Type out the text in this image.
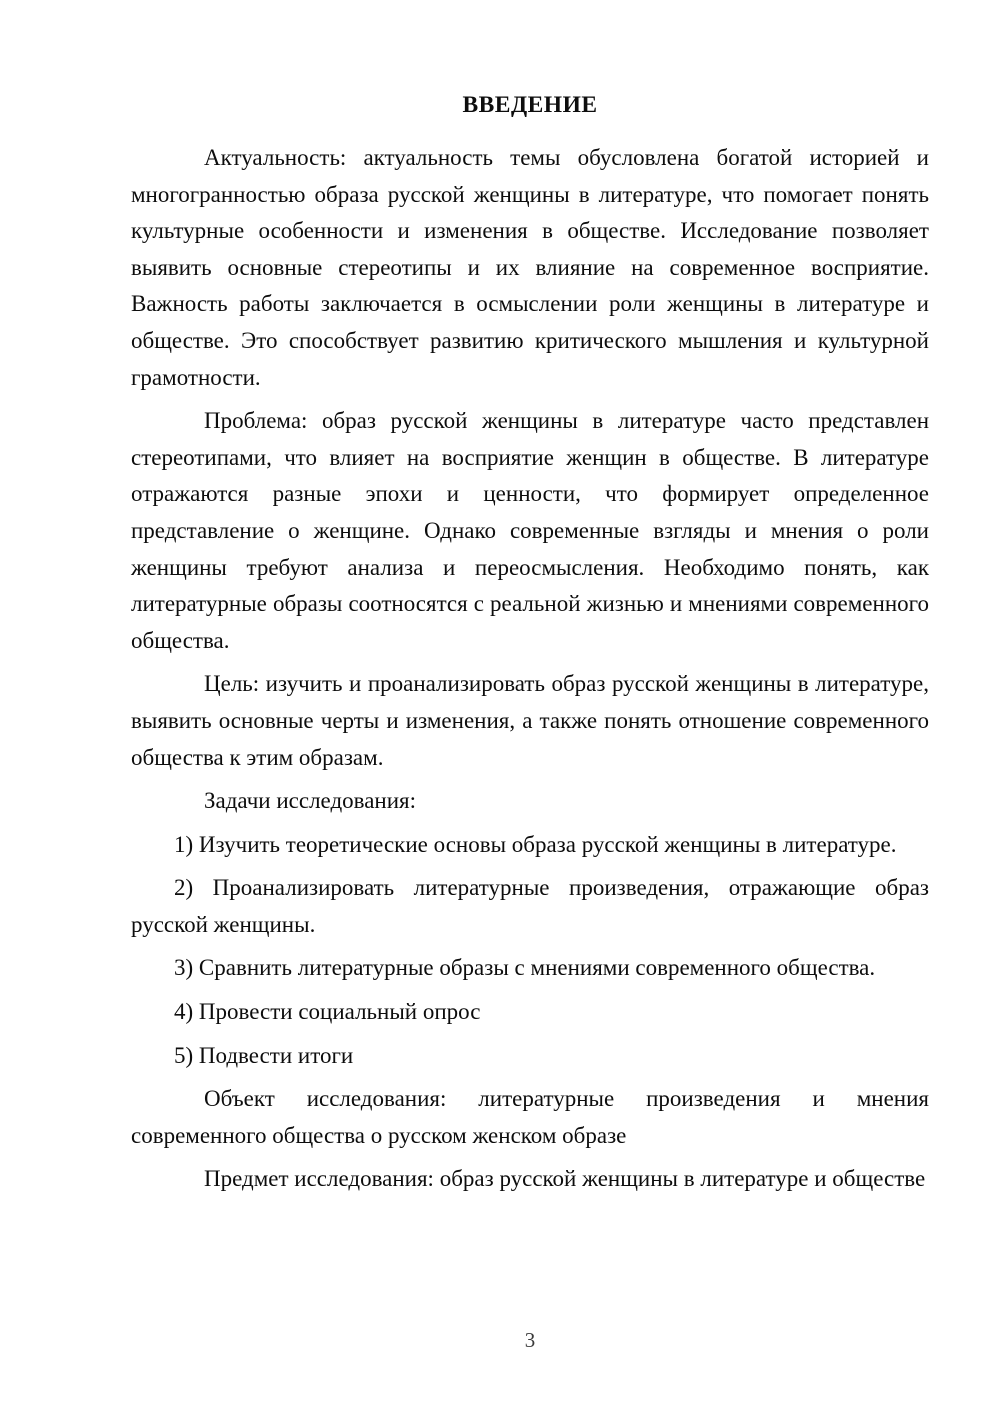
ВВЕДЕНИЕ

Актуальность: актуальность темы обусловлена богатой историей и многогранностью образа русской женщины в литературе, что помогает понять культурные особенности и изменения в обществе. Исследование позволяет выявить основные стереотипы и их влияние на современное восприятие. Важность работы заключается в осмыслении роли женщины в литературе и обществе. Это способствует развитию критического мышления и культурной грамотности.

Проблема: образ русской женщины в литературе часто представлен стереотипами, что влияет на восприятие женщин в обществе. В литературе отражаются разные эпохи и ценности, что формирует определенное представление о женщине. Однако современные взгляды и мнения о роли женщины требуют анализа и переосмысления. Необходимо понять, как литературные образы соотносятся с реальной жизнью и мнениями современного общества.

Цель: изучить и проанализировать образ русской женщины в литературе, выявить основные черты и изменения, а также понять отношение современного общества к этим образам.

Задачи исследования:

1) Изучить теоретические основы образа русской женщины в литературе.

2) Проанализировать литературные произведения, отражающие образ русской женщины.

3) Сравнить литературные образы с мнениями современного общества.

4) Провести социальный опрос

5) Подвести итоги

Объект исследования: литературные произведения и мнения современного общества о русском женском образе

Предмет исследования: образ русской женщины в литературе и обществе

3
